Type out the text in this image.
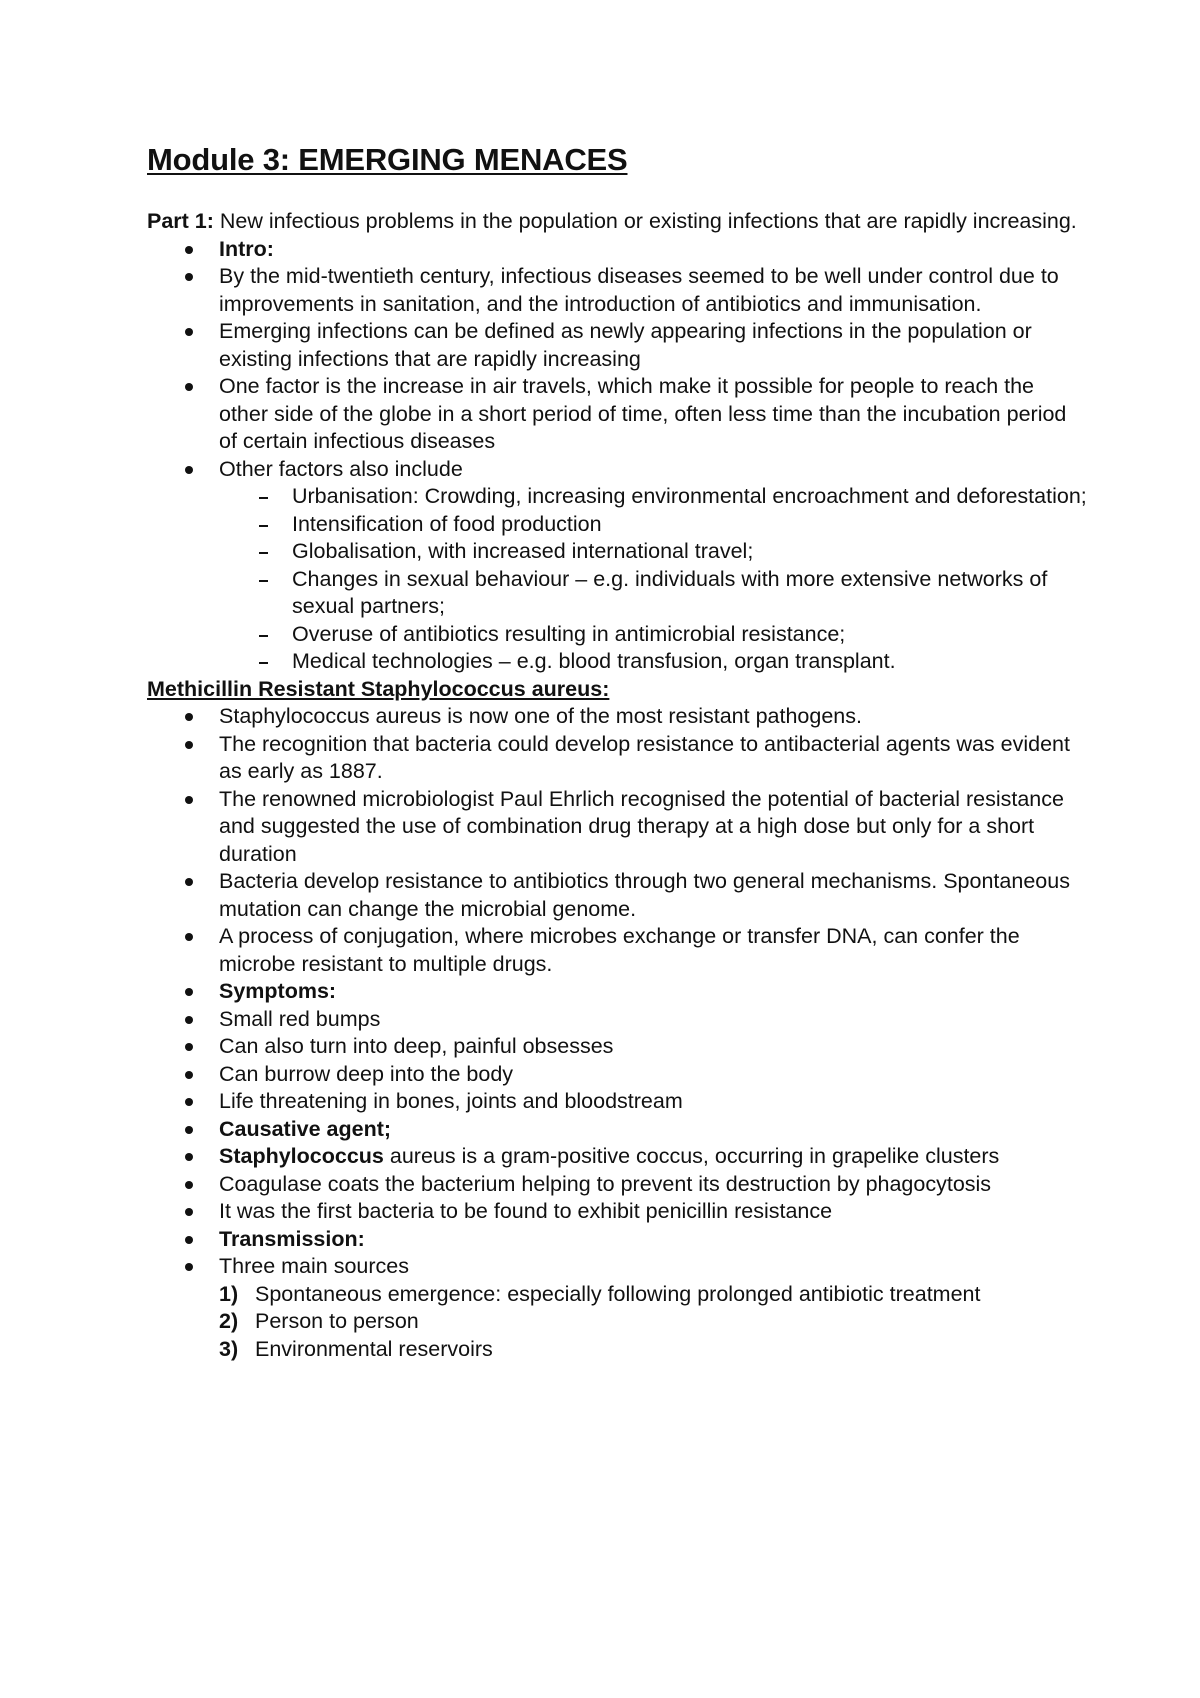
Module 3: EMERGING MENACES

Part 1: New infectious problems in the population or existing infections that are rapidly increasing.

Intro:
By the mid-twentieth century, infectious diseases seemed to be well under control due to improvements in sanitation, and the introduction of antibiotics and immunisation.
Emerging infections can be defined as newly appearing infections in the population or existing infections that are rapidly increasing
One factor is the increase in air travels, which make it possible for people to reach the other side of the globe in a short period of time, often less time than the incubation period of certain infectious diseases
Other factors also include
Urbanisation: Crowding, increasing environmental encroachment and deforestation;
Intensification of food production
Globalisation, with increased international travel;
Changes in sexual behaviour – e.g. individuals with more extensive networks of sexual partners;
Overuse of antibiotics resulting in antimicrobial resistance;
Medical technologies – e.g. blood transfusion, organ transplant.

Methicillin Resistant Staphylococcus aureus:

Staphylococcus aureus is now one of the most resistant pathogens.
The recognition that bacteria could develop resistance to antibacterial agents was evident as early as 1887.
The renowned microbiologist Paul Ehrlich recognised the potential of bacterial resistance and suggested the use of combination drug therapy at a high dose but only for a short duration
Bacteria develop resistance to antibiotics through two general mechanisms. Spontaneous mutation can change the microbial genome.
A process of conjugation, where microbes exchange or transfer DNA, can confer the microbe resistant to multiple drugs.
Symptoms:
Small red bumps
Can also turn into deep, painful obsesses
Can burrow deep into the body
Life threatening in bones, joints and bloodstream
Causative agent;
Staphylococcus aureus is a gram-positive coccus, occurring in grapelike clusters
Coagulase coats the bacterium helping to prevent its destruction by phagocytosis
It was the first bacteria to be found to exhibit penicillin resistance
Transmission:
Three main sources
1) Spontaneous emergence: especially following prolonged antibiotic treatment
2) Person to person
3) Environmental reservoirs
